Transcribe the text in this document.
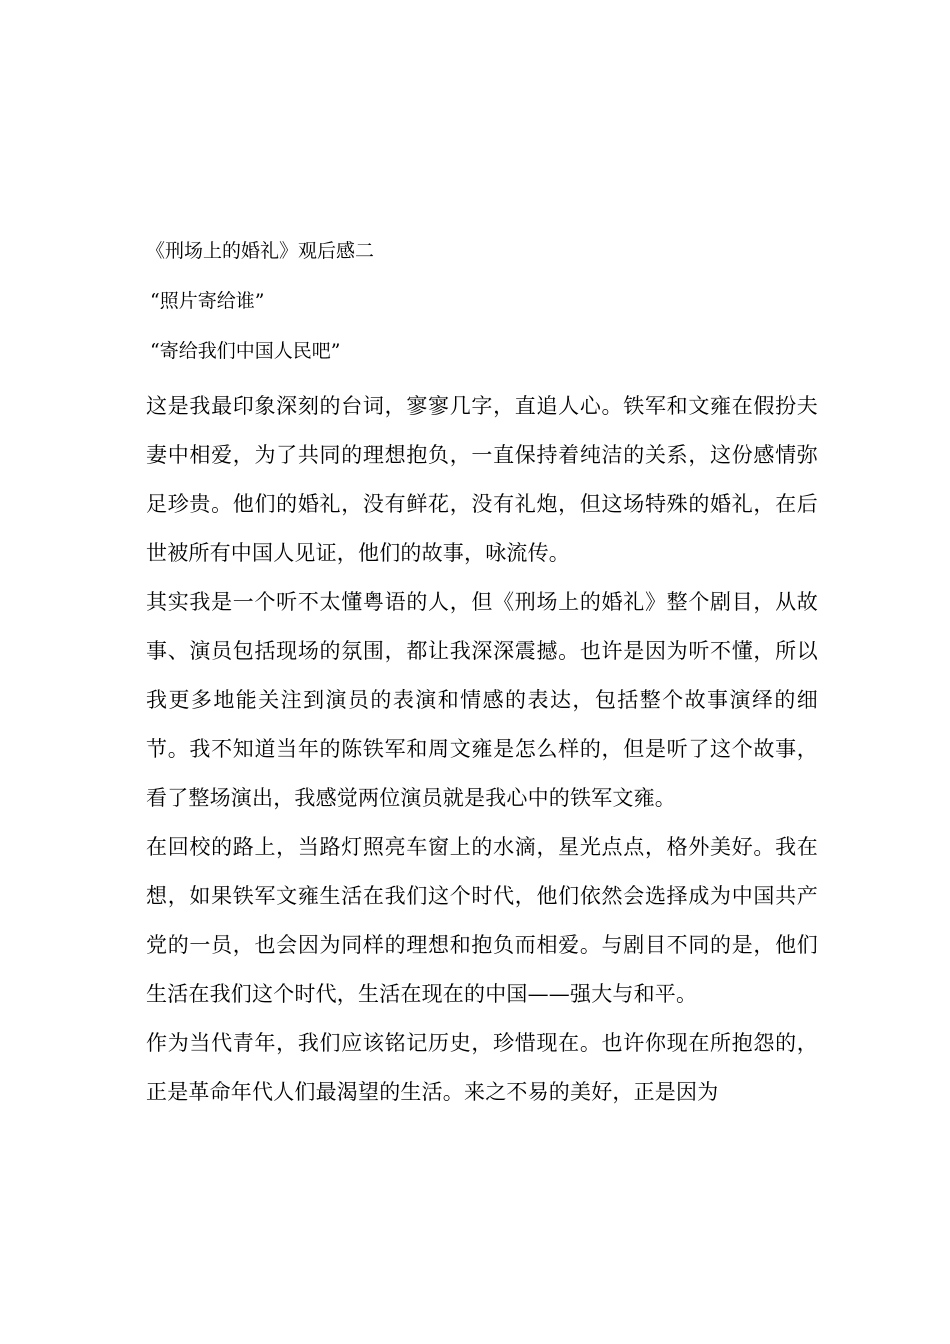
《刑场上的婚礼》观后感二
“照片寄给谁”
“寄给我们中国人民吧”

这是我最印象深刻的台词，寥寥几字，直追人心。铁军和文雍在假扮夫妻中相爱，为了共同的理想抱负，一直保持着纯洁的关系，这份感情弥足珍贵。他们的婚礼，没有鲜花，没有礼炮，但这场特殊的婚礼，在后世被所有中国人见证，他们的故事，咏流传。

其实我是一个听不太懂粤语的人，但《刑场上的婚礼》整个剧目，从故事、演员包括现场的氛围，都让我深深震撼。也许是因为听不懂，所以我更多地能关注到演员的表演和情感的表达，包括整个故事演绎的细节。我不知道当年的陈铁军和周文雍是怎么样的，但是听了这个故事，看了整场演出，我感觉两位演员就是我心中的铁军文雍。

在回校的路上，当路灯照亮车窗上的水滴，星光点点，格外美好。我在想，如果铁军文雍生活在我们这个时代，他们依然会选择成为中国共产党的一员，也会因为同样的理想和抱负而相爱。与剧目不同的是，他们生活在我们这个时代，生活在现在的中国——强大与和平。

作为当代青年，我们应该铭记历史，珍惜现在。也许你现在所抱怨的，正是革命年代人们最渴望的生活。来之不易的美好，正是因为
